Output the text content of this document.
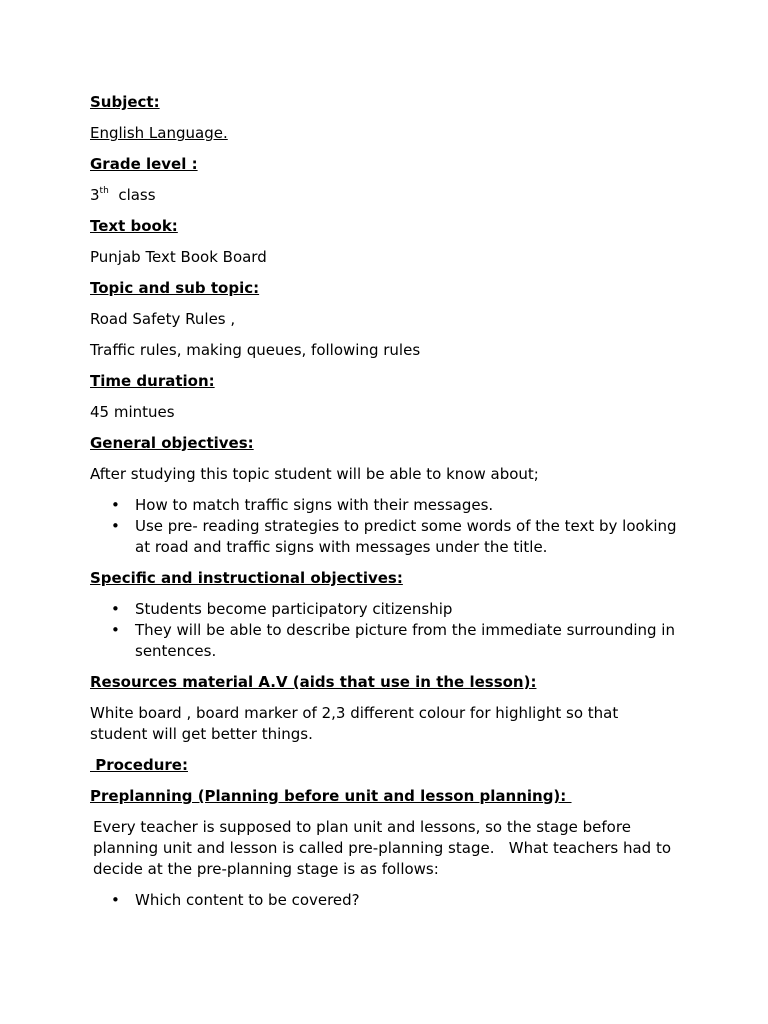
Subject:
English Language.
Grade level :
3th class
Text book:
Punjab Text Book Board
Topic and sub topic:
Road Safety Rules ,
Traffic rules, making queues, following rules
Time duration:
45 mintues
General objectives:
After studying this topic student will be able to know about;
• How to match traffic signs with their messages.
• Use pre- reading strategies to predict some words of the text by looking at road and traffic signs with messages under the title.
Specific and instructional objectives:
• Students become participatory citizenship
• They will be able to describe picture from the immediate surrounding in sentences.
Resources material A.V (aids that use in the lesson):
White board , board marker of 2,3 different colour for highlight so that student will get better things.
Procedure:
Preplanning (Planning before unit and lesson planning):
Every teacher is supposed to plan unit and lessons, so the stage before planning unit and lesson is called pre-planning stage.   What teachers had to decide at the pre-planning stage is as follows:
• Which content to be covered?
